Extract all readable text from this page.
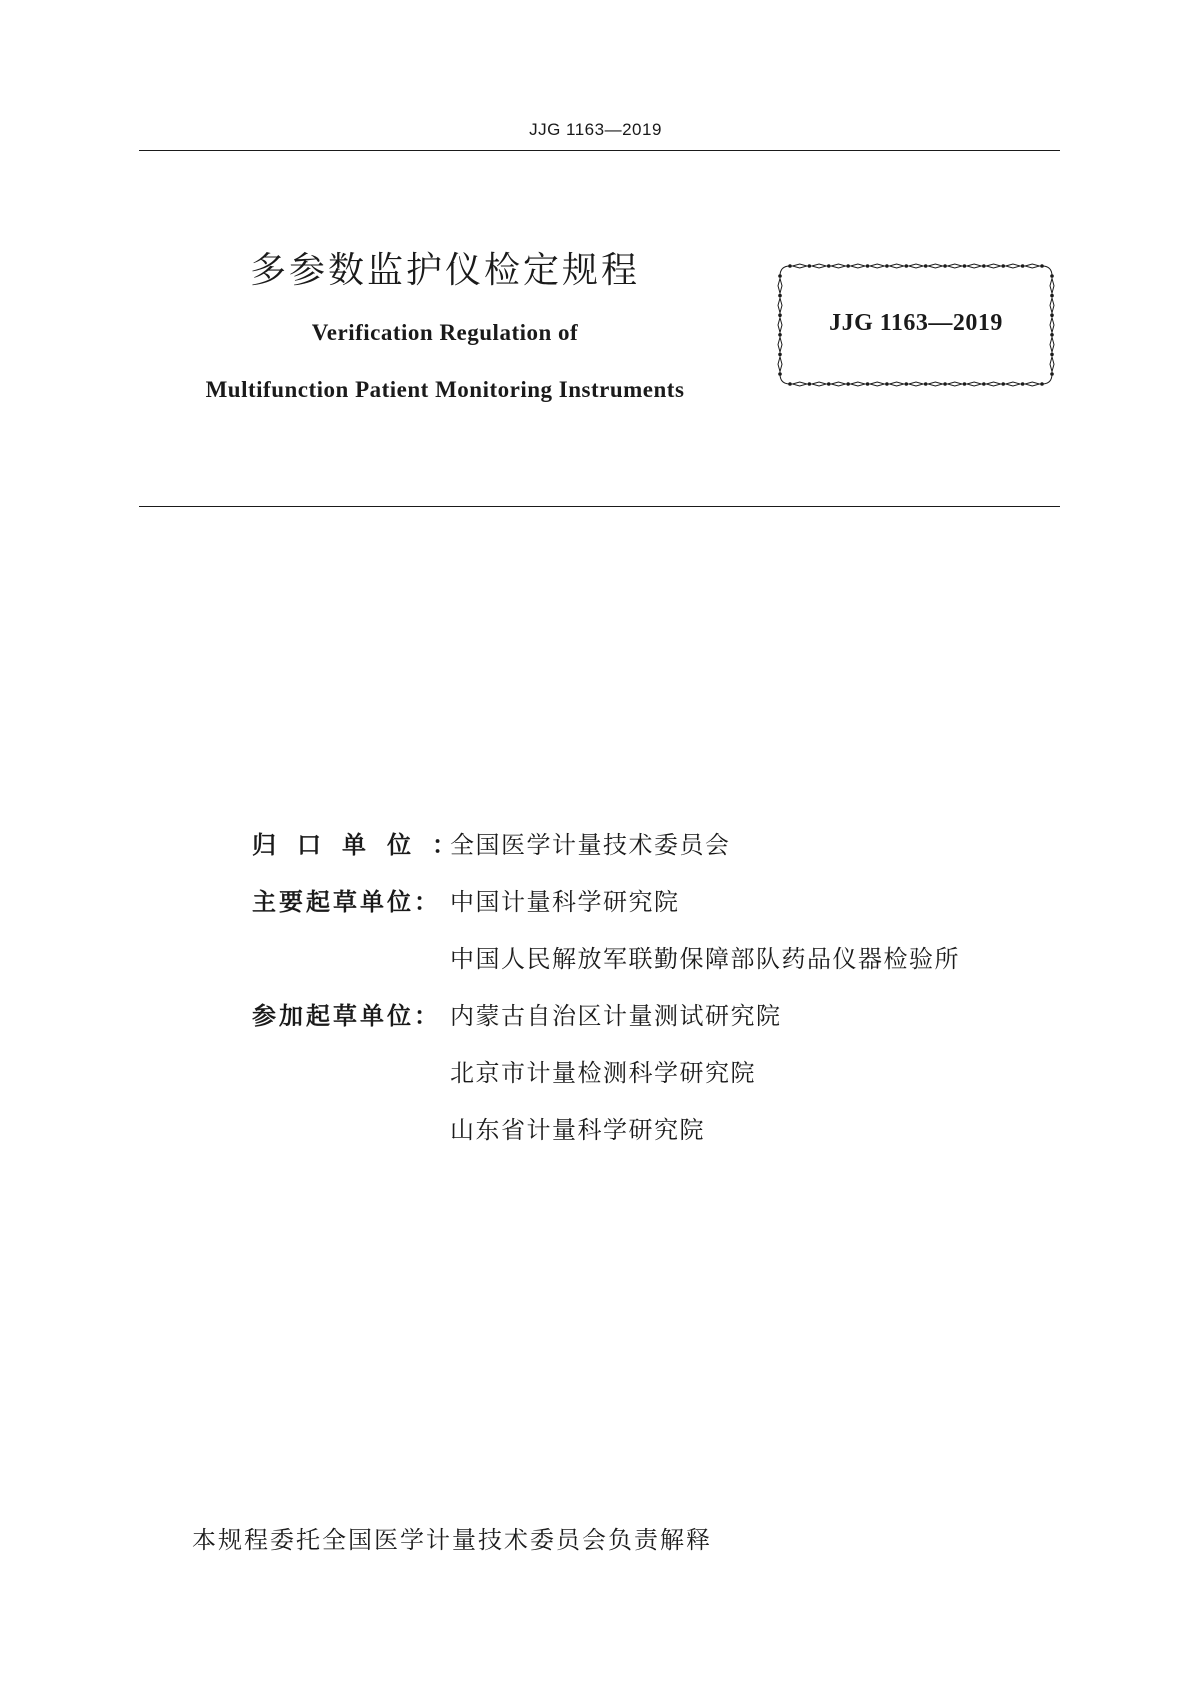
JJG 1163—2019
多参数监护仪检定规程
Verification Regulation of
Multifunction Patient Monitoring Instruments
JJG 1163—2019
归口单位：
全国医学计量技术委员会
主要起草单位： 中国计量科学研究院
中国人民解放军联勤保障部队药品仪器检验所
参加起草单位： 内蒙古自治区计量测试研究院
北京市计量检测科学研究院
山东省计量科学研究院
本规程委托全国医学计量技术委员会负责解释
